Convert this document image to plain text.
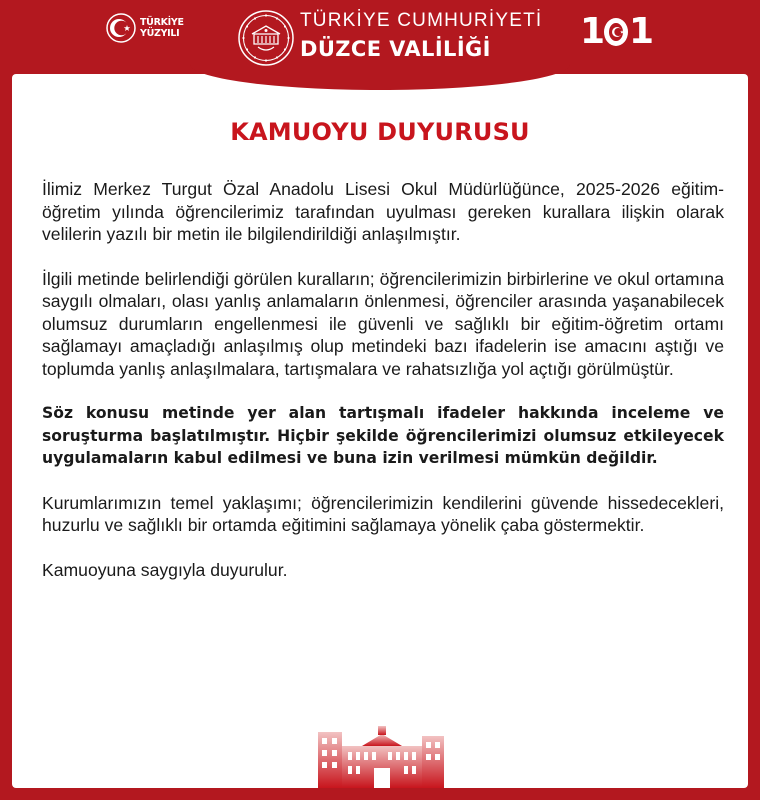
TÜRKİYE
YÜZYILI
TÜRKİYE CUMHURİYETİ
DÜZCE VALİLİĞİ	1 1
KAMUOYU DUYURUSU

İlimiz Merkez Turgut Özal Anadolu Lisesi Okul Müdürlüğünce, 2025-2026 eğitim-öğretim yılında öğrencilerimiz tarafından uyulması gereken kurallara ilişkin olarak velilerin yazılı bir metin ile bilgilendirildiği anlaşılmıştır.

İlgili metinde belirlendiği görülen kuralların; öğrencilerimizin birbirlerine ve okul ortamına saygılı olmaları, olası yanlış anlamaların önlenmesi, öğrenciler arasında yaşanabilecek olumsuz durumların engellenmesi ile güvenli ve sağlıklı bir eğitim-öğretim ortamı sağlamayı amaçladığı anlaşılmış olup metindeki bazı ifadelerin ise amacını aştığı ve toplumda yanlış anlaşılmalara, tartışmalara ve rahatsızlığa yol açtığı görülmüştür.

Söz konusu metinde yer alan tartışmalı ifadeler hakkında inceleme ve soruşturma başlatılmıştır. Hiçbir şekilde öğrencilerimizi olumsuz etkileyecek uygulamaların kabul edilmesi ve buna izin verilmesi mümkün değildir.

Kurumlarımızın temel yaklaşımı; öğrencilerimizin kendilerini güvende hissedecekleri, huzurlu ve sağlıklı bir ortamda eğitimini sağlamaya yönelik çaba göstermektir.

Kamuoyuna saygıyla duyurulur.
